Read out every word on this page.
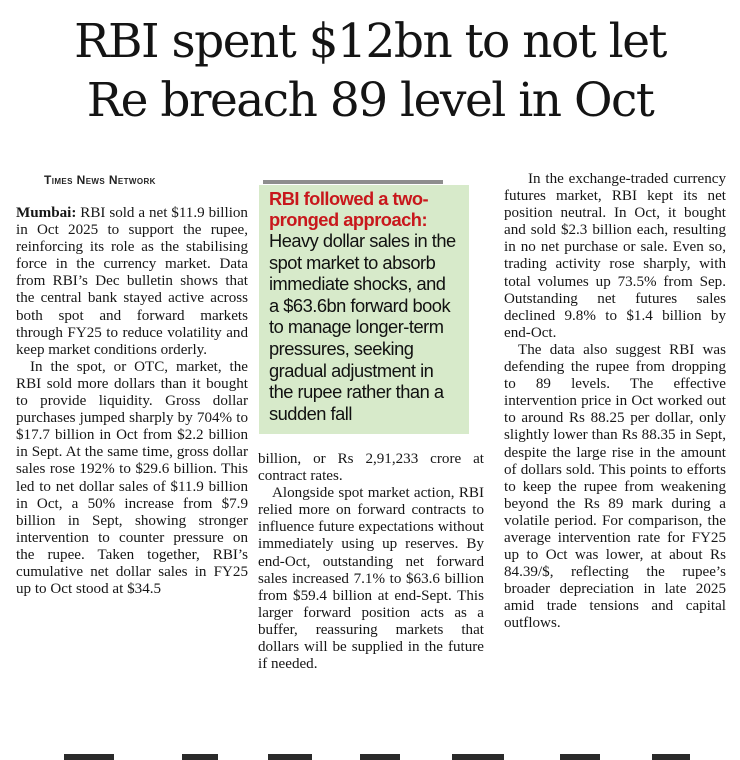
RBI spent $12bn to not let
Re breach 89 level in Oct

Times News Network

Mumbai: RBI sold a net $11.9 billion in Oct 2025 to support the rupee, reinforcing its role as the stabilising force in the currency market. Data from RBI’s Dec bulletin shows that the central bank stayed active across both spot and forward markets through FY25 to reduce volatility and keep market conditions orderly.

In the spot, or OTC, market, the RBI sold more dollars than it bought to provide liquidity. Gross dollar purchases jumped sharply by 704% to $17.7 billion in Oct from $2.2 billion in Sept. At the same time, gross dollar sales rose 192% to $29.6 billion. This led to net dollar sales of $11.9 billion in Oct, a 50% increase from $7.9 billion in Sept, showing stronger intervention to counter pressure on the rupee. Taken together, RBI’s cumulative net dollar sales in FY25 up to Oct stood at $34.5

RBI followed a two-pronged approach:

Heavy dollar sales in the spot market to absorb immediate shocks, and a $63.6bn forward book to manage longer-term pressures, seeking gradual adjustment in the rupee rather than a sudden fall

billion, or Rs 2,91,233 crore at contract rates.

Alongside spot market action, RBI relied more on forward contracts to influence future expectations without immediately using up reserves. By end-Oct, outstanding net forward sales increased 7.1% to $63.6 billion from $59.4 billion at end-Sept. This larger forward position acts as a buffer, reassuring markets that dollars will be supplied in the future if needed.

In the exchange-traded currency futures market, RBI kept its net position neutral. In Oct, it bought and sold $2.3 billion each, resulting in no net purchase or sale. Even so, trading activity rose sharply, with total volumes up 73.5% from Sep. Outstanding net futures sales declined 9.8% to $1.4 billion by end-Oct.

The data also suggest RBI was defending the rupee from dropping to 89 levels. The effective intervention price in Oct worked out to around Rs 88.25 per dollar, only slightly lower than Rs 88.35 in Sept, despite the large rise in the amount of dollars sold. This points to efforts to keep the rupee from weakening beyond the Rs 89 mark during a volatile period. For comparison, the average intervention rate for FY25 up to Oct was lower, at about Rs 84.39/$, reflecting the rupee’s broader depreciation in late 2025 amid trade tensions and capital outflows.
